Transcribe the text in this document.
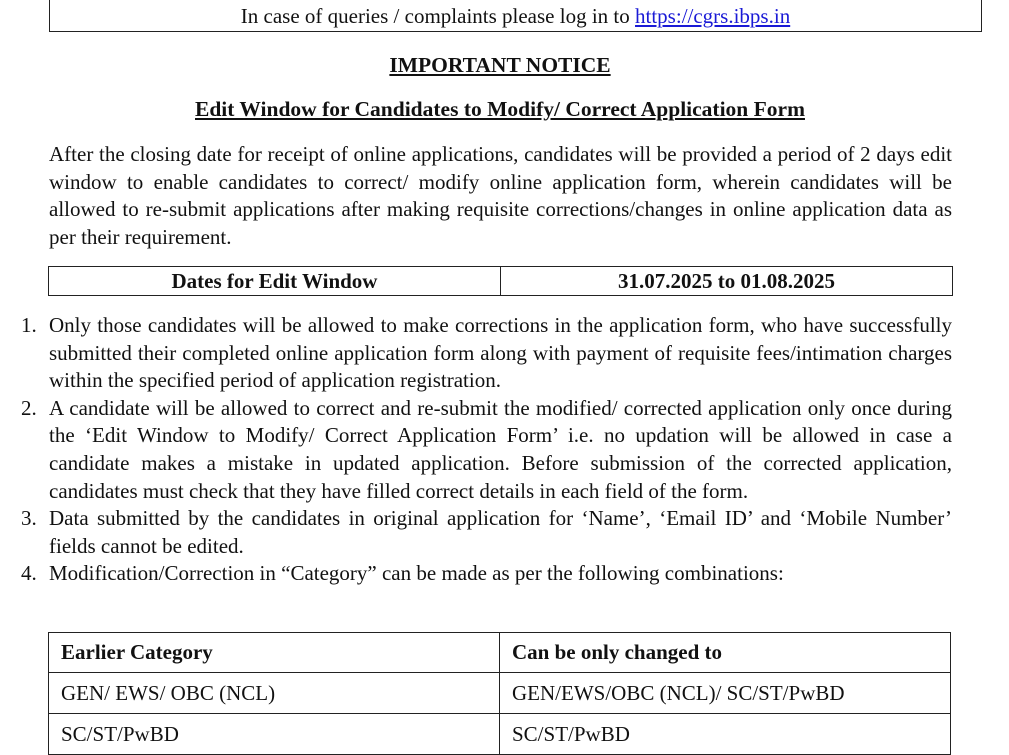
In case of queries / complaints please log in to https://cgrs.ibps.in
IMPORTANT NOTICE
Edit Window for Candidates to Modify/ Correct Application Form

After the closing date for receipt of online applications, candidates will be provided a period of 2 days edit window to enable candidates to correct/ modify online application form, wherein candidates will be allowed to re-submit applications after making requisite corrections/changes in online application data as per their requirement.

Dates for Edit Window	31.07.2025 to 01.08.2025
1. Only those candidates will be allowed to make corrections in the application form, who have successfully submitted their completed online application form along with payment of requisite fees/intimation charges within the specified period of application registration.
2. A candidate will be allowed to correct and re-submit the modified/ corrected application only once during the ‘Edit Window to Modify/ Correct Application Form’ i.e. no updation will be allowed in case a candidate makes a mistake in updated application. Before submission of the corrected application, candidates must check that they have filled correct details in each field of the form.
3. Data submitted by the candidates in original application for ‘Name’, ‘Email ID’ and ‘Mobile Number’ fields cannot be edited.
4. Modification/Correction in “Category” can be made as per the following combinations:
Earlier Category	Can be only changed to
GEN/ EWS/ OBC (NCL)	GEN/EWS/OBC (NCL)/ SC/ST/PwBD
SC/ST/PwBD	SC/ST/PwBD
